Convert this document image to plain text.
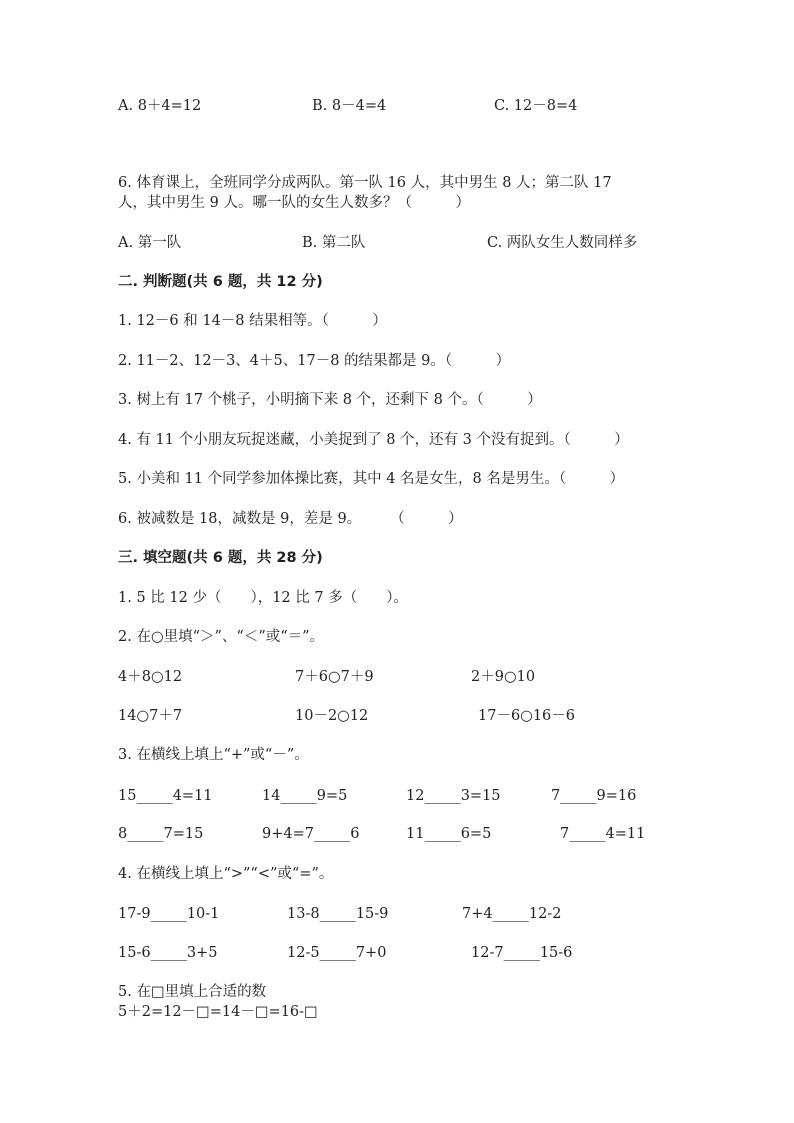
A. 8＋4=12	B. 8－4=4	C. 12－8=4
6. 体育课上，全班同学分成两队。第一队 16 人，其中男生 8 人；第二队 17
人，其中男生 9 人。哪一队的女生人数多？（　　　）
A. 第一队	B. 第二队	C. 两队女生人数同样多
二. 判断题(共 6 题，共 12 分)
1. 12－6 和 14－8 结果相等。（　　　）
2. 11－2、12－3、4＋5、17－8 的结果都是 9。（　　　）
3. 树上有 17 个桃子，小明摘下来 8 个，还剩下 8 个。（　　　）
4. 有 11 个小朋友玩捉迷藏，小美捉到了 8 个，还有 3 个没有捉到。（　　　）
5. 小美和 11 个同学参加体操比赛，其中 4 名是女生，8 名是男生。（　　　）
6. 被减数是 18，减数是 9，差是 9。　　　（　　　）
三. 填空题(共 6 题，共 28 分)
1. 5 比 12 少（　　），12 比 7 多（　　）。
2. 在○里填“＞”、“＜”或“＝”。
4＋8○12	7＋6○7＋9	2＋9○10
14○7＋7	10－2○12	17－6○16－6
3. 在横线上填上“+”或“－”。
15_____4=11	14_____9=5	12_____3=15	7_____9=16
8_____7=15	9+4=7_____6	11_____6=5	7_____4=11
4. 在横线上填上“>”“<”或“=”。
17-9_____10-1	13-8_____15-9	7+4_____12-2
15-6_____3+5	12-5_____7+0	12-7_____15-6
5. 在□里填上合适的数
5＋2=12－□=14－□=16-□
